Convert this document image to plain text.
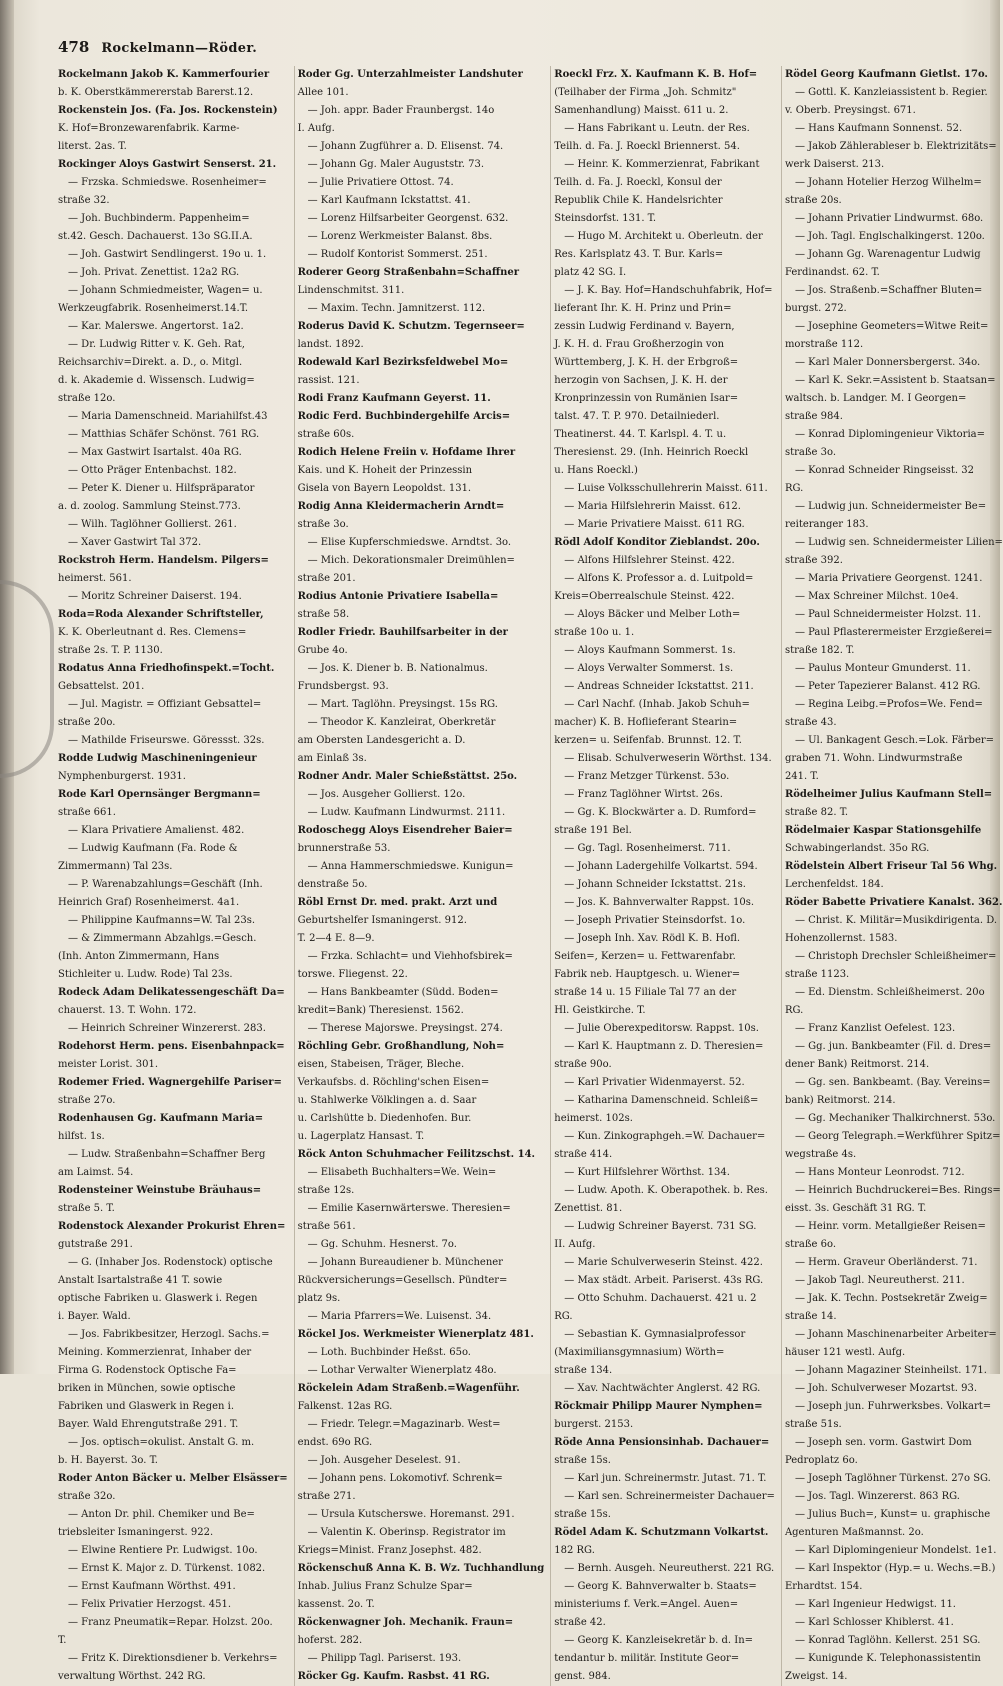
478 Rockelmann—Röder.
Rockelmann Jakob K. Kammerfourier
b. K. Oberstkämmererstab Barerst.12.
Rockenstein Jos. (Fa. Jos. Rockenstein)
K. Hof=Bronzewarenfabrik. Karme-
literst. 2as. T.
Rockinger Aloys Gastwirt Senserst. 21.
— Frzska. Schmiedswe. Rosenheimer=
straße 32.
— Joh. Buchbinderm. Pappenheim=
st.42. Gesch. Dachauerst. 13o SG.II.A.
— Joh. Gastwirt Sendlingerst. 19o u. 1.
— Joh. Privat. Zenettist. 12a2 RG.
— Johann Schmiedmeister, Wagen= u.
Werkzeugfabrik. Rosenheimerst.14.T.
— Kar. Malerswe. Angertorst. 1a2.
— Dr. Ludwig Ritter v. K. Geh. Rat,
Reichsarchiv=Direkt. a. D., o. Mitgl.
d. k. Akademie d. Wissensch. Ludwig=
straße 12o.
— Maria Damenschneid. Mariahilfst.43
— Matthias Schäfer Schönst. 761 RG.
— Max Gastwirt Isartalst. 40a RG.
— Otto Präger Entenbachst. 182.
— Peter K. Diener u. Hilfspräparator
a. d. zoolog. Sammlung Steinst.773.
— Wilh. Taglöhner Gollierst. 261.
— Xaver Gastwirt Tal 372.
Rockstroh Herm. Handelsm. Pilgers=
heimerst. 561.
— Moritz Schreiner Daiserst. 194.
Roda=Roda Alexander Schriftsteller,
K. K. Oberleutnant d. Res. Clemens=
straße 2s. T. P. 1130.
Rodatus Anna Friedhofinspekt.=Tocht.
Gebsattelst. 201.
— Jul. Magistr. = Offiziant Gebsattel=
straße 20o.
— Mathilde Friseurswe. Göressst. 32s.
Rodde Ludwig Maschineningenieur
Nymphenburgerst. 1931.
Rode Karl Opernsänger Bergmann=
straße 661.
— Klara Privatiere Amalienst. 482.
— Ludwig Kaufmann (Fa. Rode &
Zimmermann) Tal 23s.
— P. Warenabzahlungs=Geschäft (Inh.
Heinrich Graf) Rosenheimerst. 4a1.
— Philippine Kaufmanns=W. Tal 23s.
— & Zimmermann Abzahlgs.=Gesch.
(Inh. Anton Zimmermann, Hans
Stichleiter u. Ludw. Rode) Tal 23s.
Rodeck Adam Delikatessengeschäft Da=
chauerst. 13. T. Wohn. 172.
— Heinrich Schreiner Winzererst. 283.
Rodehorst Herm. pens. Eisenbahnpack=
meister Lorist. 301.
Rodemer Fried. Wagnergehilfe Pariser=
straße 27o.
Rodenhausen Gg. Kaufmann Maria=
hilfst. 1s.
— Ludw. Straßenbahn=Schaffner Berg
am Laimst. 54.
Rodensteiner Weinstube Bräuhaus=
straße 5. T.
Rodenstock Alexander Prokurist Ehren=
gutstraße 291.
— G. (Inhaber Jos. Rodenstock) optische
Anstalt Isartalstraße 41 T. sowie
optische Fabriken u. Glaswerk i. Regen
i. Bayer. Wald.
— Jos. Fabrikbesitzer, Herzogl. Sachs.=
Meining. Kommerzienrat, Inhaber der
Firma G. Rodenstock Optische Fa=
briken in München, sowie optische
Fabriken und Glaswerk in Regen i.
Bayer. Wald Ehrengutstraße 291. T.
— Jos. optisch=okulist. Anstalt G. m.
b. H. Bayerst. 3o. T.
Roder Anton Bäcker u. Melber Elsässer=
straße 32o.
— Anton Dr. phil. Chemiker und Be=
triebsleiter Ismaningerst. 922.
— Elwine Rentiere Pr. Ludwigst. 10o.
— Ernst K. Major z. D. Türkenst. 1082.
— Ernst Kaufmann Wörthst. 491.
— Felix Privatier Herzogst. 451.
— Franz Pneumatik=Repar. Holzst. 20o.
T.
— Fritz K. Direktionsdiener b. Verkehrs=
verwaltung Wörthst. 242 RG.
Roder Gg. Unterzahlmeister Landshuter
Allee 101.
— Joh. appr. Bader Fraunbergst. 14o
I. Aufg.
— Johann Zugführer a. D. Elisenst. 74.
— Johann Gg. Maler Auguststr. 73.
— Julie Privatiere Ottost. 74.
— Karl Kaufmann Ickstattst. 41.
— Lorenz Hilfsarbeiter Georgenst. 632.
— Lorenz Werkmeister Balanst. 8bs.
— Rudolf Kontorist Sommerst. 251.
Roderer Georg Straßenbahn=Schaffner
Lindenschmitst. 311.
— Maxim. Techn. Jamnitzerst. 112.
Roderus David K. Schutzm. Tegernseer=
landst. 1892.
Rodewald Karl Bezirksfeldwebel Mo=
rassist. 121.
Rodi Franz Kaufmann Geyerst. 11.
Rodic Ferd. Buchbindergehilfe Arcis=
straße 60s.
Rodich Helene Freiin v. Hofdame Ihrer
Kais. und K. Hoheit der Prinzessin
Gisela von Bayern Leopoldst. 131.
Rodig Anna Kleidermacherin Arndt=
straße 3o.
— Elise Kupferschmiedswe. Arndtst. 3o.
— Mich. Dekorationsmaler Dreimühlen=
straße 201.
Rodius Antonie Privatiere Isabella=
straße 58.
Rodler Friedr. Bauhilfsarbeiter in der
Grube 4o.
— Jos. K. Diener b. B. Nationalmus.
Frundsbergst. 93.
— Mart. Taglöhn. Preysingst. 15s RG.
— Theodor K. Kanzleirat, Oberkretär
am Obersten Landesgericht a. D.
am Einlaß 3s.
Rodner Andr. Maler Schießstättst. 25o.
— Jos. Ausgeher Gollierst. 12o.
— Ludw. Kaufmann Lindwurmst. 2111.
Rodoschegg Aloys Eisendreher Baier=
brunnerstraße 53.
— Anna Hammerschmiedswe. Kunigun=
denstraße 5o.
Röbl Ernst Dr. med. prakt. Arzt und
Geburtshelfer Ismaningerst. 912.
T. 2—4 E. 8—9.
— Frzka. Schlacht= und Viehhofsbirek=
torswe. Fliegenst. 22.
— Hans Bankbeamter (Südd. Boden=
kredit=Bank) Theresienst. 1562.
— Therese Majorswe. Preysingst. 274.
Röchling Gebr. Großhandlung, Noh=
eisen, Stabeisen, Träger, Bleche.
Verkaufsbs. d. Röchling'schen Eisen=
u. Stahlwerke Völklingen a. d. Saar
u. Carlshütte b. Diedenhofen. Bur.
u. Lagerplatz Hansast. T.
Röck Anton Schuhmacher Feilitzschst. 14.
— Elisabeth Buchhalters=We. Wein=
straße 12s.
— Emilie Kasernwärterswe. Theresien=
straße 561.
— Gg. Schuhm. Hesnerst. 7o.
— Johann Bureaudiener b. Münchener
Rückversicherungs=Gesellsch. Pündter=
platz 9s.
— Maria Pfarrers=We. Luisenst. 34.
Röckel Jos. Werkmeister Wienerplatz 481.
— Loth. Buchbinder Heßst. 65o.
— Lothar Verwalter Wienerplatz 48o.
Röckelein Adam Straßenb.=Wagenführ.
Falkenst. 12as RG.
— Friedr. Telegr.=Magazinarb. West=
endst. 69o RG.
— Joh. Ausgeher Deselest. 91.
— Johann pens. Lokomotivf. Schrenk=
straße 271.
— Ursula Kutscherswe. Horemanst. 291.
— Valentin K. Oberinsp. Registrator im
Kriegs=Minist. Franz Josephst. 482.
Röckenschuß Anna K. B. Wz. Tuchhandlung
Inhab. Julius Franz Schulze Spar=
kassenst. 2o. T.
Röckenwagner Joh. Mechanik. Fraun=
hoferst. 282.
— Philipp Tagl. Pariserst. 193.
Röcker Gg. Kaufm. Rasbst. 41 RG.
Roeckl Frz. X. Kaufmann K. B. Hof=
(Teilhaber der Firma „Joh. Schmitz"
Samenhandlung) Maisst. 611 u. 2.
— Hans Fabrikant u. Leutn. der Res.
Teilh. d. Fa. J. Roeckl Briennerst. 54.
— Heinr. K. Kommerzienrat, Fabrikant
Teilh. d. Fa. J. Roeckl, Konsul der
Republik Chile K. Handelsrichter
Steinsdorfst. 131. T.
— Hugo M. Architekt u. Oberleutn. der
Res. Karlsplatz 43. T. Bur. Karls=
platz 42 SG. I.
— J. K. Bay. Hof=Handschuhfabrik, Hof=
lieferant Ihr. K. H. Prinz und Prin=
zessin Ludwig Ferdinand v. Bayern,
J. K. H. d. Frau Großherzogin von
Württemberg, J. K. H. der Erbgroß=
herzogin von Sachsen, J. K. H. der
Kronprinzessin von Rumänien Isar=
talst. 47. T. P. 970. Detailniederl.
Theatinerst. 44. T. Karlspl. 4. T. u.
Theresienst. 29. (Inh. Heinrich Roeckl
u. Hans Roeckl.)
— Luise Volksschullehrerin Maisst. 611.
— Maria Hilfslehrerin Maisst. 612.
— Marie Privatiere Maisst. 611 RG.
Rödl Adolf Konditor Zieblandst. 20o.
— Alfons Hilfslehrer Steinst. 422.
— Alfons K. Professor a. d. Luitpold=
Kreis=Oberrealschule Steinst. 422.
— Aloys Bäcker und Melber Loth=
straße 10o u. 1.
— Aloys Kaufmann Sommerst. 1s.
— Aloys Verwalter Sommerst. 1s.
— Andreas Schneider Ickstattst. 211.
— Carl Nachf. (Inhab. Jakob Schuh=
macher) K. B. Hoflieferant Stearin=
kerzen= u. Seifenfab. Brunnst. 12. T.
— Elisab. Schulverweserin Wörthst. 134.
— Franz Metzger Türkenst. 53o.
— Franz Taglöhner Wirtst. 26s.
— Gg. K. Blockwärter a. D. Rumford=
straße 191 Bel.
— Gg. Tagl. Rosenheimerst. 711.
— Johann Ladergehilfe Volkartst. 594.
— Johann Schneider Ickstattst. 21s.
— Jos. K. Bahnverwalter Rappst. 10s.
— Joseph Privatier Steinsdorfst. 1o.
— Joseph Inh. Xav. Rödl K. B. Hofl.
Seifen=, Kerzen= u. Fettwarenfabr.
Fabrik neb. Hauptgesch. u. Wiener=
straße 14 u. 15 Filiale Tal 77 an der
Hl. Geistkirche. T.
— Julie Oberexpeditorsw. Rappst. 10s.
— Karl K. Hauptmann z. D. Theresien=
straße 90o.
— Karl Privatier Widenmayerst. 52.
— Katharina Damenschneid. Schleiß=
heimerst. 102s.
— Kun. Zinkographgeh.=W. Dachauer=
straße 414.
— Kurt Hilfslehrer Wörthst. 134.
— Ludw. Apoth. K. Oberapothek. b. Res.
Zenettist. 81.
— Ludwig Schreiner Bayerst. 731 SG.
II. Aufg.
— Marie Schulverweserin Steinst. 422.
— Max städt. Arbeit. Pariserst. 43s RG.
— Otto Schuhm. Dachauerst. 421 u. 2
RG.
— Sebastian K. Gymnasialprofessor
(Maximiliansgymnasium) Wörth=
straße 134.
— Xav. Nachtwächter Anglerst. 42 RG.
Röckmair Philipp Maurer Nymphen=
burgerst. 2153.
Röde Anna Pensionsinhab. Dachauer=
straße 15s.
— Karl jun. Schreinermstr. Jutast. 71. T.
— Karl sen. Schreinermeister Dachauer=
straße 15s.
Rödel Adam K. Schutzmann Volkartst.
182 RG.
— Bernh. Ausgeh. Neureutherst. 221 RG.
— Georg K. Bahnverwalter b. Staats=
ministeriums f. Verk.=Angel. Auen=
straße 42.
— Georg K. Kanzleisekretär b. d. In=
tendantur b. militär. Institute Geor=
genst. 984.
Rödel Georg Kaufmann Gietlst. 17o.
— Gottl. K. Kanzleiassistent b. Regier.
v. Oberb. Preysingst. 671.
— Hans Kaufmann Sonnenst. 52.
— Jakob Zählerableser b. Elektrizitäts=
werk Daiserst. 213.
— Johann Hotelier Herzog Wilhelm=
straße 20s.
— Johann Privatier Lindwurmst. 68o.
— Joh. Tagl. Englschalkingerst. 120o.
— Johann Gg. Warenagentur Ludwig
Ferdinandst. 62. T.
— Jos. Straßenb.=Schaffner Bluten=
burgst. 272.
— Josephine Geometers=Witwe Reit=
morstraße 112.
— Karl Maler Donnersbergerst. 34o.
— Karl K. Sekr.=Assistent b. Staatsan=
waltsch. b. Landger. M. I Georgen=
straße 984.
— Konrad Diplomingenieur Viktoria=
straße 3o.
— Konrad Schneider Ringseisst. 32
RG.
— Ludwig jun. Schneidermeister Be=
reiteranger 183.
— Ludwig sen. Schneidermeister Lilien=
straße 392.
— Maria Privatiere Georgenst. 1241.
— Max Schreiner Milchst. 10e4.
— Paul Schneidermeister Holzst. 11.
— Paul Pflasterermeister Erzgießerei=
straße 182. T.
— Paulus Monteur Gmunderst. 11.
— Peter Tapezierer Balanst. 412 RG.
— Regina Leibg.=Profos=We. Fend=
straße 43.
— Ul. Bankagent Gesch.=Lok. Färber=
graben 71. Wohn. Lindwurmstraße
241. T.
Rödelheimer Julius Kaufmann Stell=
straße 82. T.
Rödelmaier Kaspar Stationsgehilfe
Schwabingerlandst. 35o RG.
Rödelstein Albert Friseur Tal 56 Whg.
Lerchenfeldst. 184.
Röder Babette Privatiere Kanalst. 362.
— Christ. K. Militär=Musikdirigenta. D.
Hohenzollernst. 1583.
— Christoph Drechsler Schleißheimer=
straße 1123.
— Ed. Dienstm. Schleißheimerst. 20o
RG.
— Franz Kanzlist Oefelest. 123.
— Gg. jun. Bankbeamter (Fil. d. Dres=
dener Bank) Reitmorst. 214.
— Gg. sen. Bankbeamt. (Bay. Vereins=
bank) Reitmorst. 214.
— Gg. Mechaniker Thalkirchnerst. 53o.
— Georg Telegraph.=Werkführer Spitz=
wegstraße 4s.
— Hans Monteur Leonrodst. 712.
— Heinrich Buchdruckerei=Bes. Rings=
eisst. 3s. Geschäft 31 RG. T.
— Heinr. vorm. Metallgießer Reisen=
straße 6o.
— Herm. Graveur Oberländerst. 71.
— Jakob Tagl. Neureutherst. 211.
— Jak. K. Techn. Postsekretär Zweig=
straße 14.
— Johann Maschinenarbeiter Arbeiter=
häuser 121 westl. Aufg.
— Johann Magaziner Steinheilst. 171.
— Joh. Schulverweser Mozartst. 93.
— Joseph jun. Fuhrwerksbes. Volkart=
straße 51s.
— Joseph sen. vorm. Gastwirt Dom
Pedroplatz 6o.
— Joseph Taglöhner Türkenst. 27o SG.
— Jos. Tagl. Winzererst. 863 RG.
— Julius Buch=, Kunst= u. graphische
Agenturen Maßmannst. 2o.
— Karl Diplomingenieur Mondelst. 1e1.
— Karl Inspektor (Hyp.= u. Wechs.=B.)
Erhardtst. 154.
— Karl Ingenieur Hedwigst. 11.
— Karl Schlosser Khiblerst. 41.
— Konrad Taglöhn. Kellerst. 251 SG.
— Kunigunde K. Telephonassistentin
Zweigst. 14.
